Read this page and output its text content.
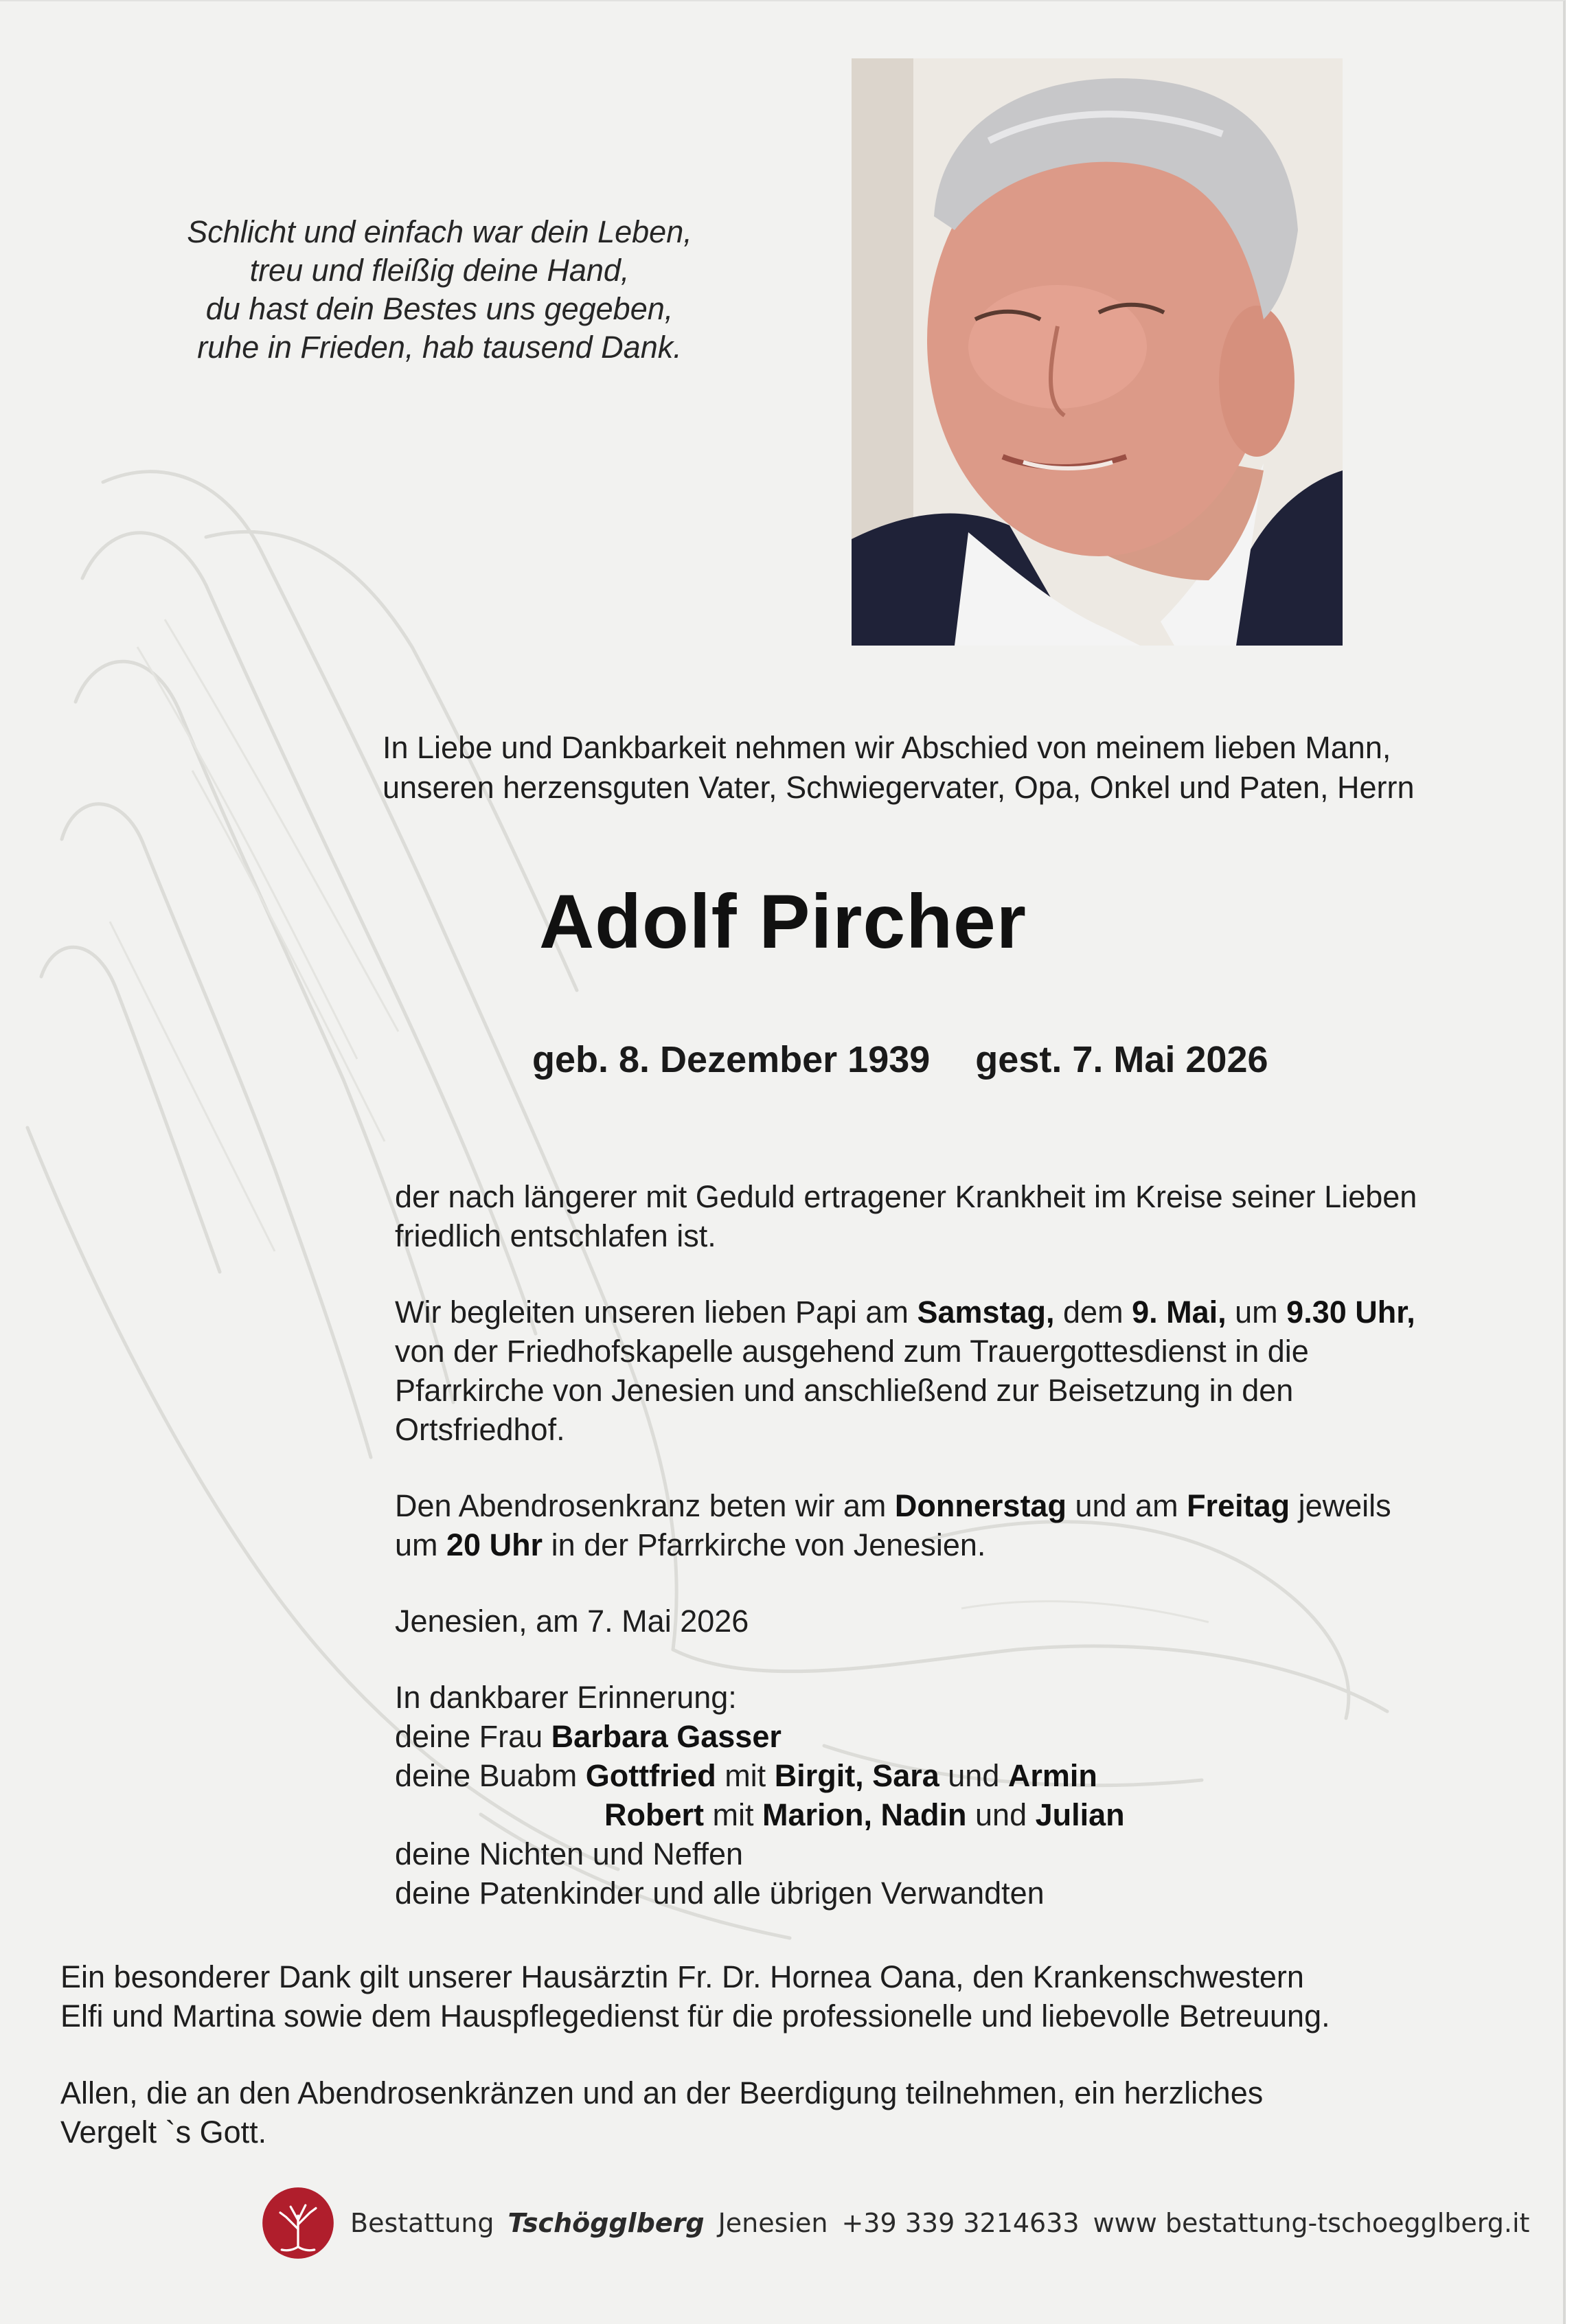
Schlicht und einfach war dein Leben,
treu und fleißig deine Hand,
du hast dein Bestes uns gegeben,
ruhe in Frieden, hab tausend Dank.
In Liebe und Dankbarkeit nehmen wir Abschied von meinem lieben Mann,
unseren herzensguten Vater, Schwiegervater, Opa, Onkel und Paten, Herrn
Adolf Pircher
geb. 8. Dezember 1939 gest. 7. Mai 2026

der nach längerer mit Geduld ertragener Krankheit im Kreise seiner Lieben
friedlich entschlafen ist.

Wir begleiten unseren lieben Papi am Samstag, dem 9. Mai, um 9.30 Uhr,
von der Friedhofskapelle ausgehend zum Trauergottesdienst in die
Pfarrkirche von Jenesien und anschließend zur Beisetzung in den
Ortsfriedhof.

Den Abendrosenkranz beten wir am Donnerstag und am Freitag jeweils
um 20 Uhr in der Pfarrkirche von Jenesien.

Jenesien, am 7. Mai 2026

In dankbarer Erinnerung:
deine Frau Barbara Gasser
deine Buabm Gottfried mit Birgit, Sara und Armin
Robert mit Marion, Nadin und Julian
deine Nichten und Neffen
deine Patenkinder und alle übrigen Verwandten

Ein besonderer Dank gilt unserer Hausärztin Fr. Dr. Hornea Oana, den Krankenschwestern
Elfi und Martina sowie dem Hauspflegedienst für die professionelle und liebevolle Betreuung.

Allen, die an den Abendrosenkränzen und an der Beerdigung teilnehmen, ein herzliches
Vergelt `s Gott.

Bestattung Tschögglberg Jenesien +39 339 3214633 www bestattung-tschoegglberg.it
